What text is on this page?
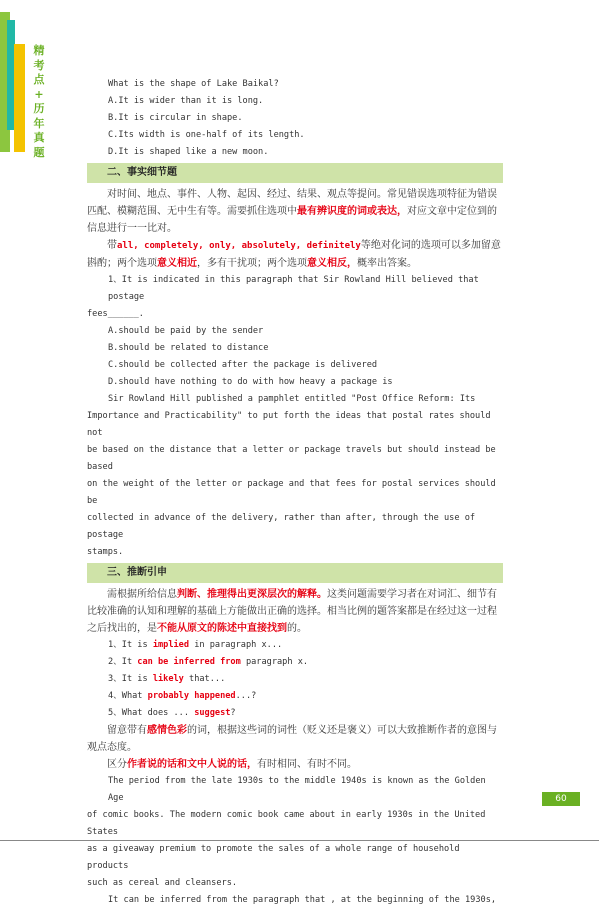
精
考
点
+
历
年
真
题
What is the shape of Lake Baikal?
A.It is wider than it is long.
B.It is circular in shape.
C.Its width is one-half of its length.
D.It is shaped like a new moon.
二、事实细节题

对时间、地点、事件、人物、起因、经过、结果、观点等提问。常见错误选项特征为错误匹配、模糊范围、无中生有等。需要抓住选项中最有辨识度的词或表达，对应文章中定位到的信息进行一一比对。

带all, completely, only, absolutely, definitely等绝对化词的选项可以多加留意斟酌；两个选项意义相近，多有干扰项；两个选项意义相反，概率出答案。

1、It is indicated in this paragraph that Sir Rowland Hill believed that postage
fees______.
A.should be paid by the sender
B.should be related to distance
C.should be collected after the package is delivered
D.should have nothing to do with how heavy a package is
Sir Rowland Hill published a pamphlet entitled "Post Office Reform: Its
Importance and Practicability" to put forth the ideas that postal rates should not
be based on the distance that a letter or package travels but should instead be based
on the weight of the letter or package and that fees for postal services should be
collected in advance of the delivery, rather than after, through the use of postage
stamps.
三、推断引申

需根据所给信息判断、推理得出更深层次的解释。这类问题需要学习者在对词汇、细节有比较准确的认知和理解的基础上方能做出正确的选择。相当比例的题答案都是在经过这一过程之后找出的，是不能从原文的陈述中直接找到的。

1、It is implied in paragraph x...
2、It can be inferred from paragraph x.
3、It is likely that...
4、What probably happened...?
5、What does ... suggest?

留意带有感情色彩的词，根据这些词的词性（贬义还是褒义）可以大致推断作者的意图与观点态度。

区分作者说的话和文中人说的话，有时相同、有时不同。

The period from the late 1930s to the middle 1940s is known as the Golden Age
of comic books. The modern comic book came about in early 1930s in the United States
as a giveaway premium to promote the sales of a whole range of household products
such as cereal and cleansers.
It can be inferred from the paragraph that , at the beginning of the 1930s,
60
